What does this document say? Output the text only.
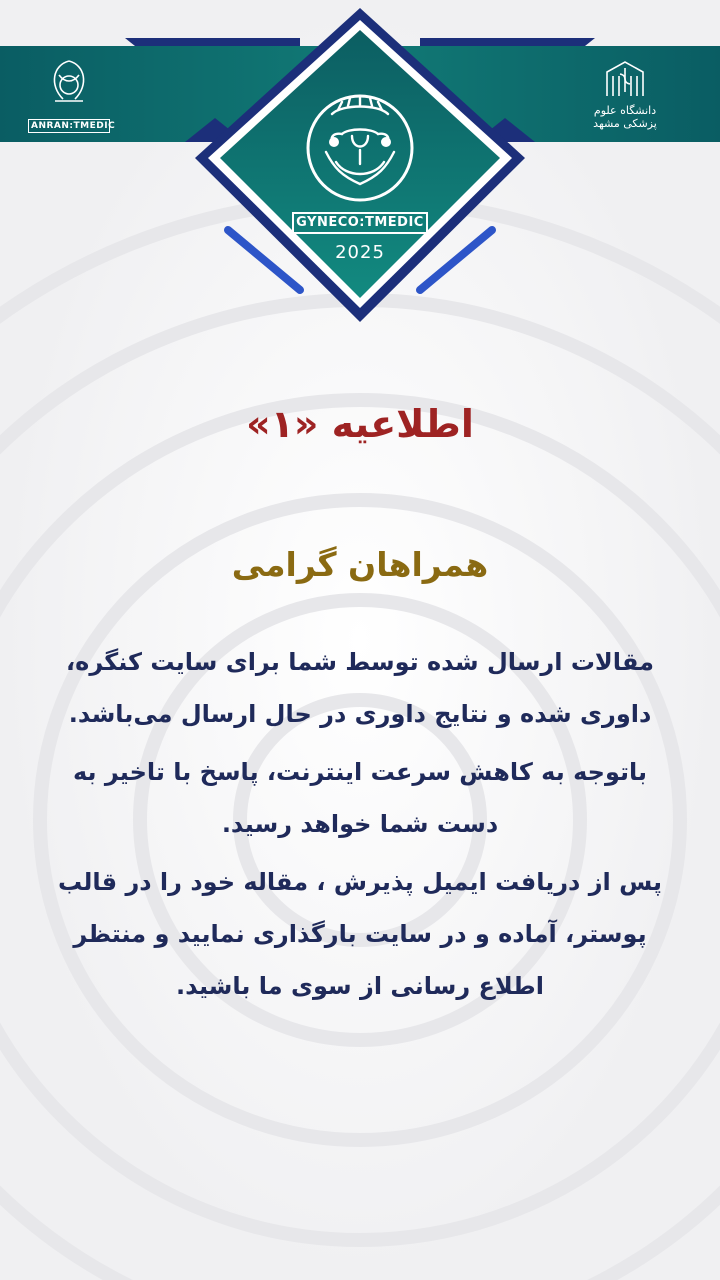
ANRAN:TMEDIC
دانشگاه علوم پزشکی مشهد
GYNECO:TMEDIC
2025
اطلاعیه «۱»
همراهان گرامی

مقالات ارسال شده توسط شما برای سایت کنگره، داوری شده و نتایج داوری در حال ارسال می‌باشد.

باتوجه به کاهش سرعت اینترنت، پاسخ با تاخیر به دست شما خواهد رسید.

پس از دریافت ایمیل پذیرش ، مقاله خود را در قالب پوستر، آماده و در سایت بارگذاری نمایید و منتظر اطلاع رسانی از سوی ما باشید.
